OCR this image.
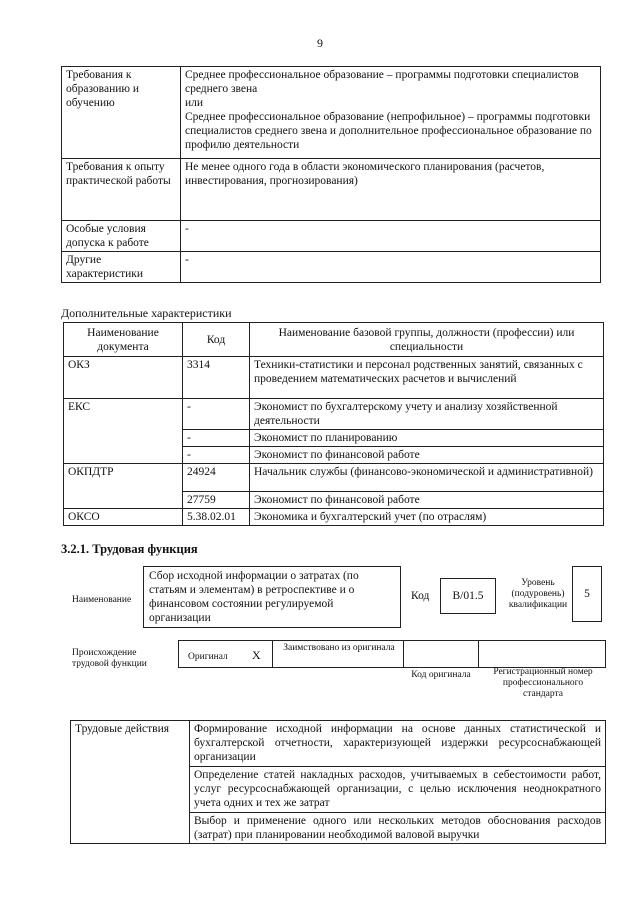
9
Требования к образованию и обучению	Среднее профессиональное образование – программы подготовки специалистов среднего звена
или
Среднее профессиональное образование (непрофильное) – программы подготовки специалистов среднего звена и дополнительное профессиональное образование по профилю деятельности

Требования к опыту практической работы	Не менее одного года в области экономического планирования (расчетов, инвестирования, прогнозирования)
Особые условия допуска к работе	-
Другие характеристики	-
Дополнительные характеристики
Наименование документа	Код	Наименование базовой группы, должности (профессии) или специальности
ОКЗ	3314	Техники-статистики и персонал родственных занятий, связанных с проведением математических расчетов и вычислений
ЕКС	-	Экономист по бухгалтерскому учету и анализу хозяйственной деятельности
	-	Экономист по планированию
	-	Экономист по финансовой работе
ОКПДТР	24924	Начальник службы (финансово-экономической и административной)
	27759	Экономист по финансовой работе
ОКСО	5.38.02.01	Экономика и бухгалтерский учет (по отраслям)
3.2.1. Трудовая функция
Наименование
Сбор исходной информации о затратах (по статьям и элементам) в ретроспективе и о финансовом состоянии регулируемой организации
Код	B/01.5
Уровень (подуровень) квалификации
5
Происхождение трудовой функции
Оригинал X	Заимствовано из оригинала
Код оригинала	Регистрационный номер профессионального стандарта
Трудовые действия	Формирование исходной информации на основе данных статистической и бухгалтерской отчетности, характеризующей издержки ресурсоснабжающей организации
Определение статей накладных расходов, учитываемых в себестоимости работ, услуг ресурсоснабжающей организации, с целью исключения неоднократного учета одних и тех же затрат
Выбор и применение одного или нескольких методов обоснования расходов (затрат) при планировании необходимой валовой выручки
